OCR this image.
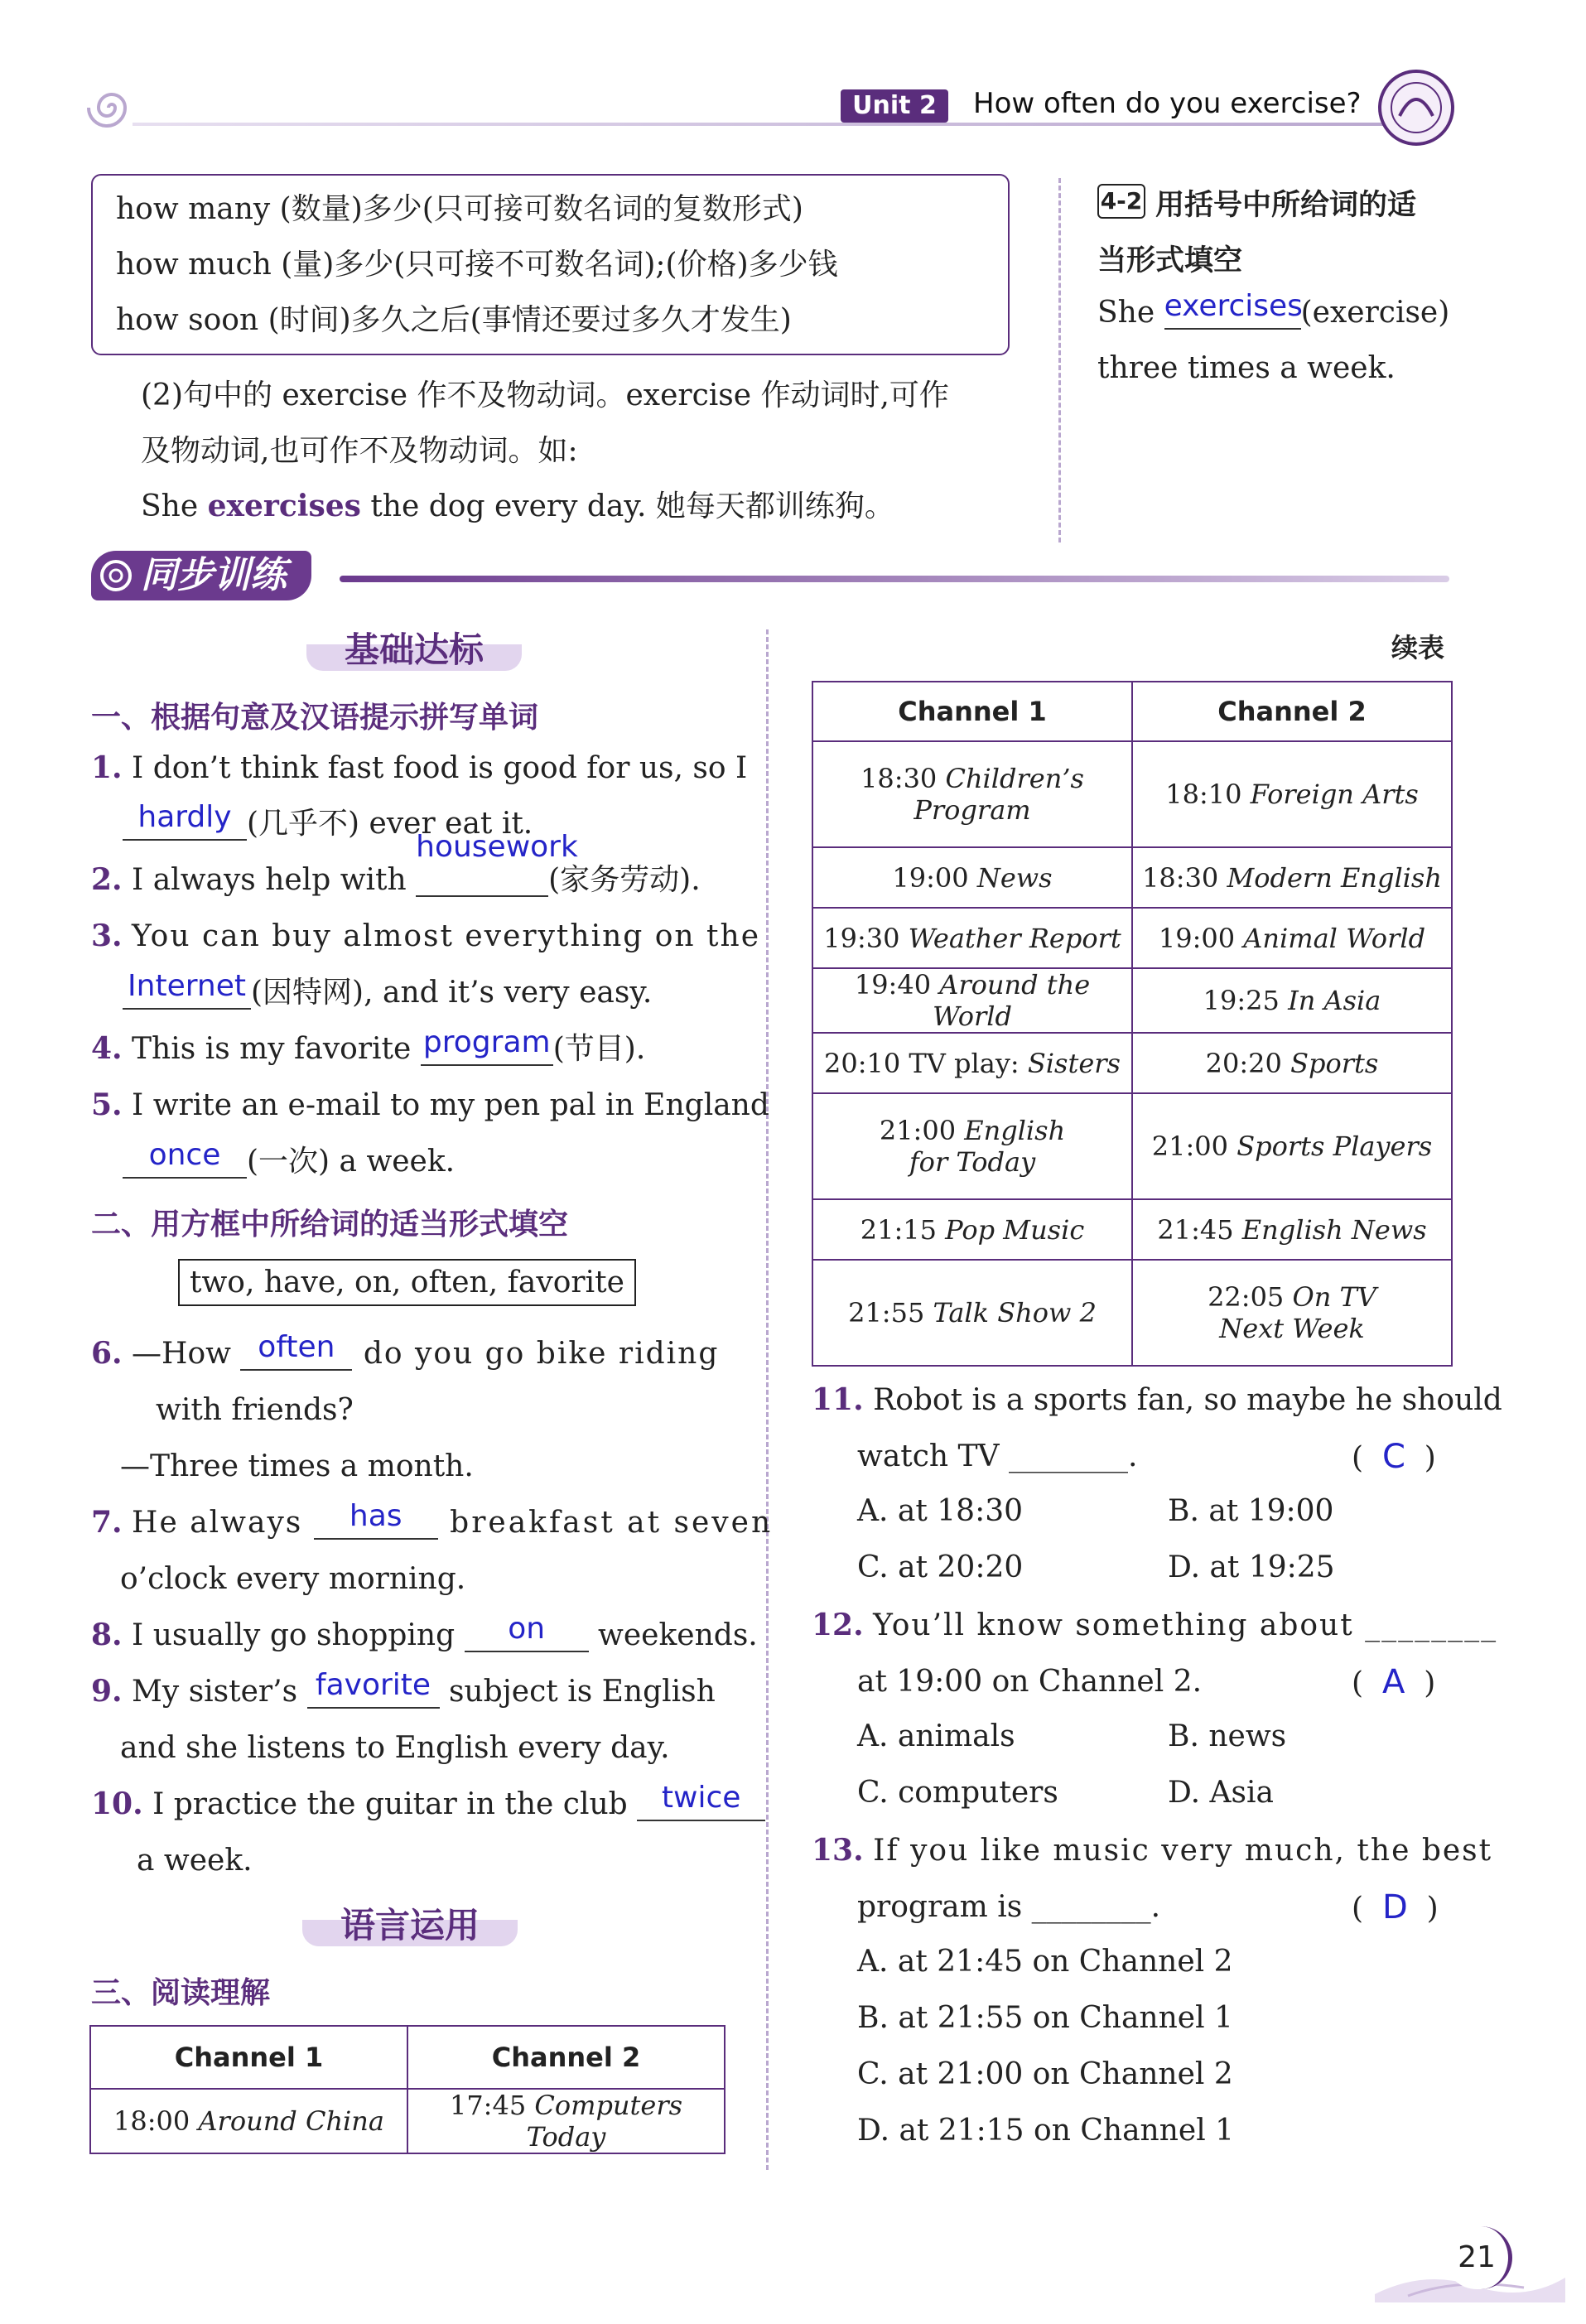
Unit 2	How often do you exercise?
how many (数量)多少(只可接可数名词的复数形式)
how much (量)多少(只可接不可数名词);(价格)多少钱
how soon (时间)多久之后(事情还要过多久才发生)
(2)句中的 exercise 作不及物动词。exercise 作动词时,可作
及物动词,也可作不及物动词。如:
She exercises the dog every day. 她每天都训练狗。
4-2 用括号中所给词的适
当形式填空
She exercises(exercise)
three times a week.
同步训练
基础达标
一、根据句意及汉语提示拼写单词
1. I don’t think fast food is good for us, so I
hardly (几乎不) ever eat it.
2. I always help with housework(家务劳动).
3. You can buy almost everything on the
Internet (因特网), and it’s very easy.
4. This is my favorite program(节目).
5. I write an e-mail to my pen pal in England
once (一次) a week.
二、用方框中所给词的适当形式填空
two, have, on, often, favorite
6. —How often do you go bike riding
with friends?
—Three times a month.
7. He always has breakfast at seven
o’clock every morning.
8. I usually go shopping on weekends.
9. My sister’s favorite subject is English
and she listens to English every day.
10. I practice the guitar in the club twice
a week.
语言运用
三、阅读理解
Channel 1	Channel 2
18:00 Around China	17:45 Computers Today
续表
Channel 1	Channel 2
18:30 Children’s
Program	18:10 Foreign Arts
19:00 News	18:30 Modern English
19:30 Weather Report	19:00 Animal World
19:40 Around the World	19:25 In Asia
20:10 TV play: Sisters	20:20 Sports
21:00 English
for Today	21:00 Sports Players
21:15 Pop Music	21:45 English News
21:55 Talk Show 2	22:05 On TV
Next Week
11. Robot is a sports fan, so maybe he should
watch TV ________.	(  C  )
A. at 18:30	B. at 19:00
C. at 20:20	D. at 19:25
12. You’ll know something about ________
at 19:00 on Channel 2.	(  A  )
A. animals	B. news
C. computers	D. Asia
13. If you like music very much, the best
program is ________.	(  D  )
A. at 21:45 on Channel 2
B. at 21:55 on Channel 1
C. at 21:00 on Channel 2
D. at 21:15 on Channel 1
21
